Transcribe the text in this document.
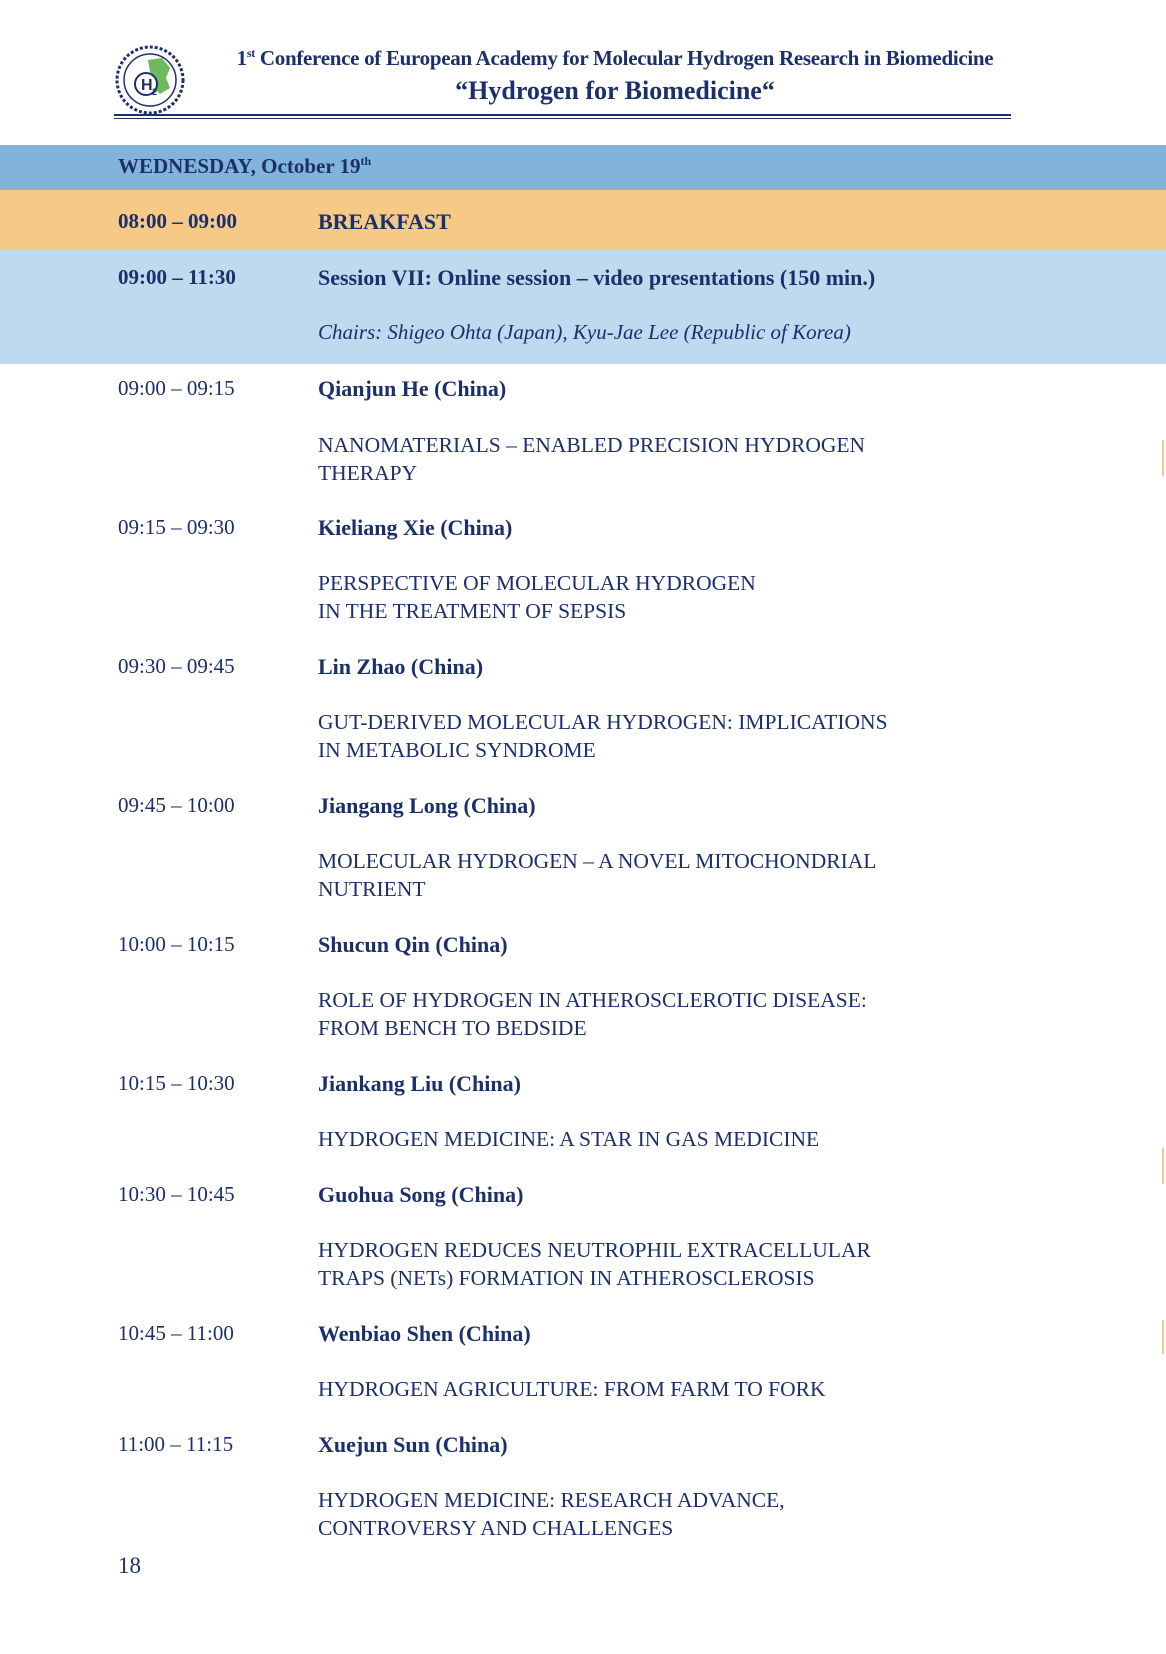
H 2
1st Conference of European Academy for Molecular Hydrogen Research in Biomedicine
“Hydrogen for Biomedicine“
WEDNESDAY, October 19th
08:00 – 09:00	BREAKFAST
09:00 – 11:30	Session VII: Online session – video presentations (150 min.)
Chairs: Shigeo Ohta (Japan), Kyu-Jae Lee (Republic of Korea)
09:00 – 09:15	Qianjun He (China)
NANOMATERIALS – ENABLED PRECISION HYDROGEN
THERAPY
09:15 – 09:30	Kieliang Xie (China)
PERSPECTIVE OF MOLECULAR HYDROGEN
IN THE TREATMENT OF SEPSIS
09:30 – 09:45	Lin Zhao (China)
GUT-DERIVED MOLECULAR HYDROGEN: IMPLICATIONS
IN METABOLIC SYNDROME
09:45 – 10:00	Jiangang Long (China)
MOLECULAR HYDROGEN – A NOVEL MITOCHONDRIAL
NUTRIENT
10:00 – 10:15	Shucun Qin (China)
ROLE OF HYDROGEN IN ATHEROSCLEROTIC DISEASE:
FROM BENCH TO BEDSIDE
10:15 – 10:30	Jiankang Liu (China)
HYDROGEN MEDICINE: A STAR IN GAS MEDICINE
10:30 – 10:45	Guohua Song (China)
HYDROGEN REDUCES NEUTROPHIL EXTRACELLULAR
TRAPS (NETs) FORMATION IN ATHEROSCLEROSIS
10:45 – 11:00	Wenbiao Shen (China)
HYDROGEN AGRICULTURE: FROM FARM TO FORK
11:00 – 11:15	Xuejun Sun (China)
HYDROGEN MEDICINE: RESEARCH ADVANCE,
CONTROVERSY AND CHALLENGES
18
